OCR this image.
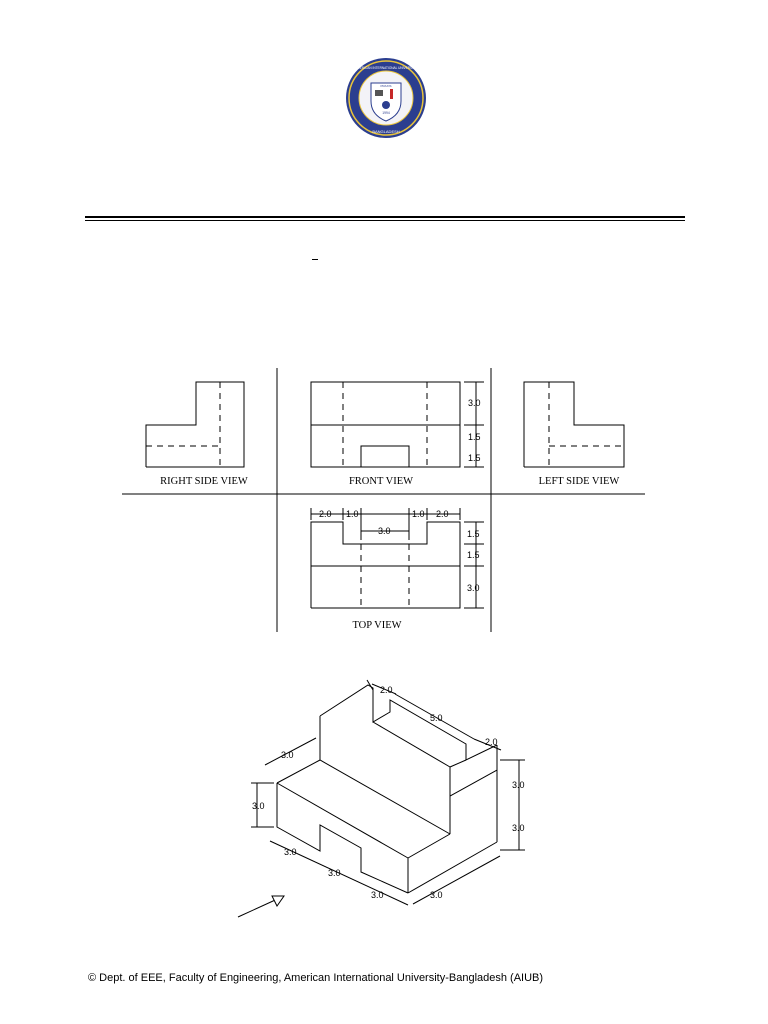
PRAXIS
1994
AMERICAN INTERNATIONAL UNIVERSITY
BANGLADESH
RIGHT SIDE VIEW	FRONT VIEW	LEFT SIDE VIEW
TOP VIEW
3.0
1.5
1.5
2.0 1.0
3.0
1.0 2.0
1.5
1.5
3.0
2.0
5.0
2.0
3.0
3.0
3.0
3.0
3.0
3.0
3.0	3.0
© Dept. of EEE, Faculty of Engineering, American International University-Bangladesh (AIUB)
